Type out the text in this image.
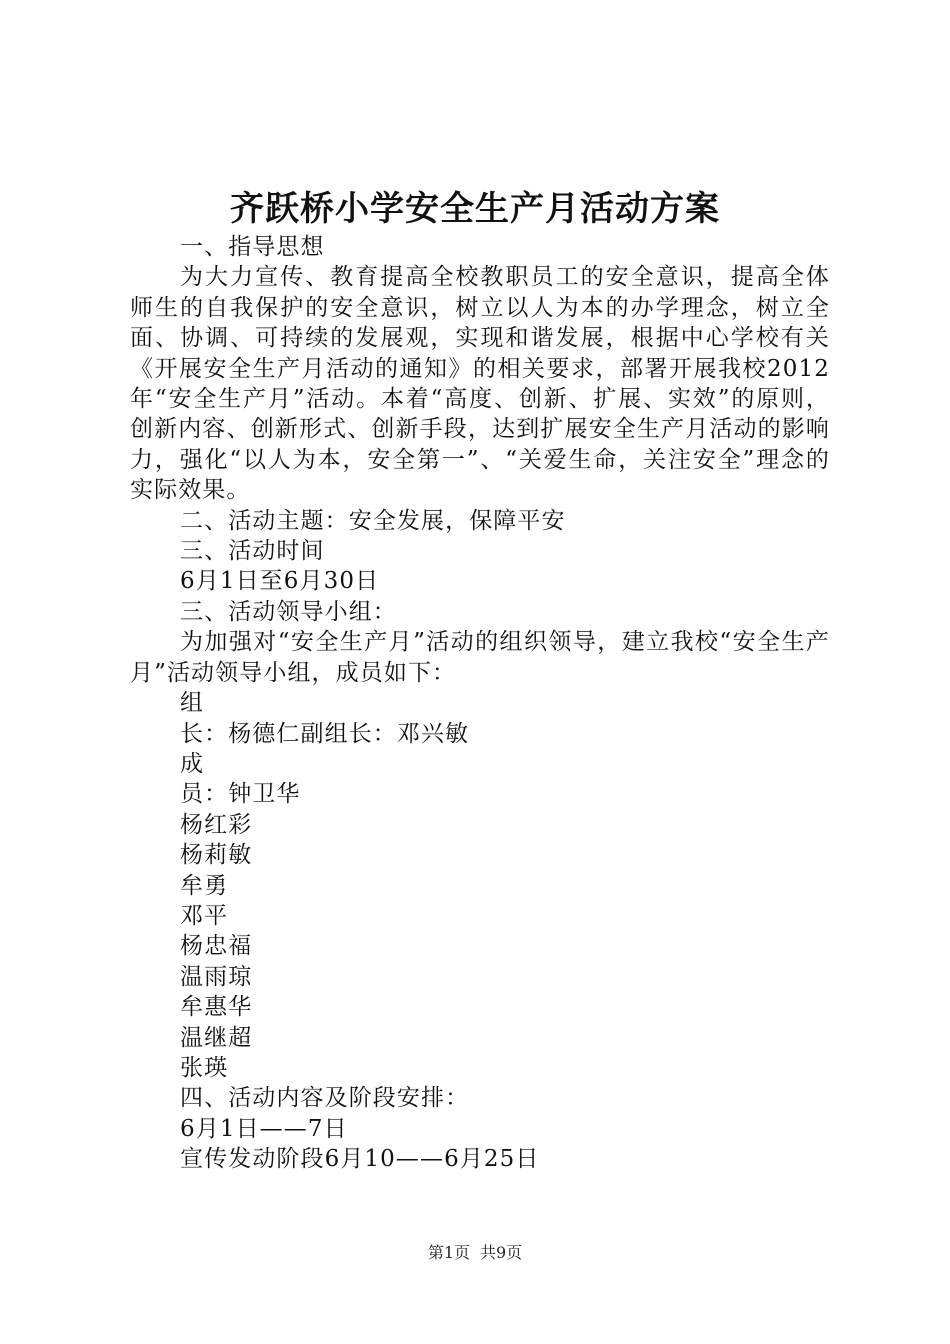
齐跃桥小学安全生产月活动方案

一、指导思想

为大力宣传、教育提高全校教职员工的安全意识，提高全体师生的自我保护的安全意识，树立以人为本的办学理念，树立全面、协调、可持续的发展观，实现和谐发展，根据中心学校有关《开展安全生产月活动的通知》的相关要求，部署开展我校2012年“安全生产月”活动。本着“高度、创新、扩展、实效”的原则，创新内容、创新形式、创新手段，达到扩展安全生产月活动的影响力，强化“以人为本，安全第一”、“关爱生命，关注安全”理念的实际效果。

二、活动主题：安全发展，保障平安

三、活动时间

6月1日至6月30日

三、活动领导小组：

为加强对“安全生产月”活动的组织领导，建立我校“安全生产月”活动领导小组，成员如下：

组

长：杨德仁副组长：邓兴敏

成

员：钟卫华

杨红彩

杨莉敏

牟勇

邓平

杨忠福

温雨琼

牟惠华

温继超

张瑛

四、活动内容及阶段安排：

6月1日——7日

宣传发动阶段6月10——6月25日

第1页 共9页
